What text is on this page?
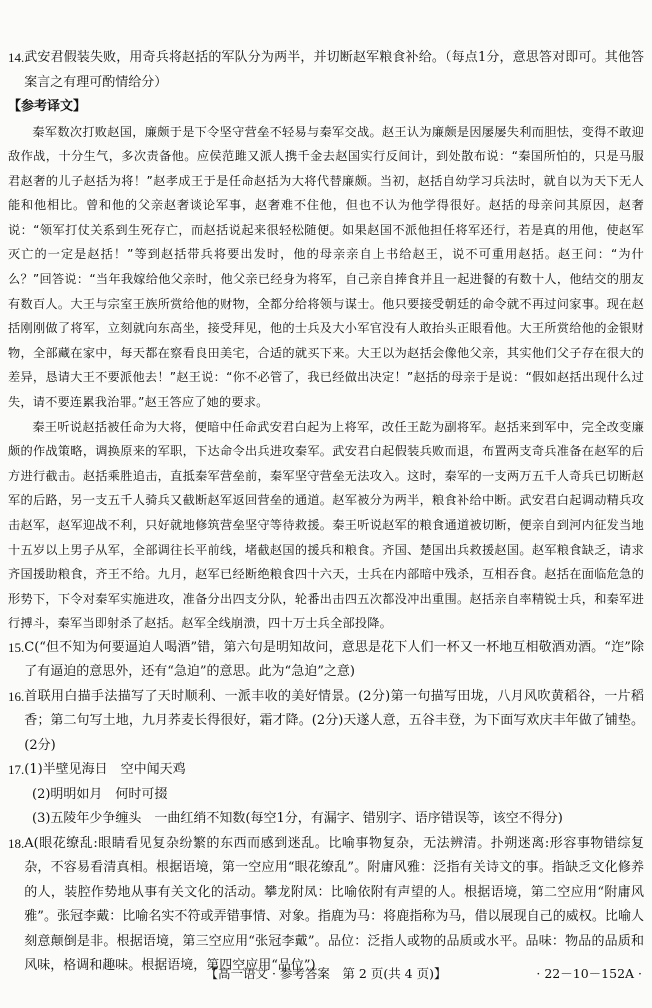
14. 武安君假装失败，用奇兵将赵括的军队分为两半，并切断赵军粮食补给。（每点1分，意思答对即可。其他答案言之有理可酌情给分）
【参考译文】
秦军数次打败赵国，廉颇于是下令坚守营垒不轻易与秦军交战。赵王认为廉颇是因屡屡失利而胆怯，变得不敢迎敌作战，十分生气，多次责备他。应侯范雎又派人携千金去赵国实行反间计，到处散布说：“秦国所怕的，只是马服君赵奢的儿子赵括为将！”赵孝成王于是任命赵括为大将代替廉颇。当初，赵括自幼学习兵法时，就自以为天下无人能和他相比。曾和他的父亲赵奢谈论军事，赵奢难不住他，但也不认为他学得很好。赵括的母亲问其原因，赵奢说：“领军打仗关系到生死存亡，而赵括说起来很轻松随便。如果赵国不派他担任将军还行，若是真的用他，使赵军灭亡的一定是赵括！”等到赵括带兵将要出发时，他的母亲亲自上书给赵王，说不可重用赵括。赵王问：“为什么？”回答说：“当年我嫁给他父亲时，他父亲已经身为将军，自己亲自捧食并且一起进餐的有数十人，他结交的朋友有数百人。大王与宗室王族所赏给他的财物，全都分给将领与谋士。他只要接受朝廷的命令就不再过问家事。现在赵括刚刚做了将军，立刻就向东高坐，接受拜见，他的士兵及大小军官没有人敢抬头正眼看他。大王所赏给他的金银财物，全部藏在家中，每天都在察看良田美宅，合适的就买下来。大王以为赵括会像他父亲，其实他们父子存在很大的差异，恳请大王不要派他去！”赵王说：“你不必管了，我已经做出决定！”赵括的母亲于是说：“假如赵括出现什么过失，请不要连累我治罪。”赵王答应了她的要求。
秦王听说赵括被任命为大将，便暗中任命武安君白起为上将军，改任王龁为副将军。赵括来到军中，完全改变廉颇的作战策略，调换原来的军职，下达命令出兵进攻秦军。武安君白起假装兵败而退，布置两支奇兵准备在赵军的后方进行截击。赵括乘胜追击，直抵秦军营垒前，秦军坚守营垒无法攻入。这时，秦军的一支两万五千人奇兵已切断赵军的后路，另一支五千人骑兵又截断赵军返回营垒的通道。赵军被分为两半，粮食补给中断。武安君白起调动精兵攻击赵军，赵军迎战不利，只好就地修筑营垒坚守等待救援。秦王听说赵军的粮食通道被切断，便亲自到河内征发当地十五岁以上男子从军，全部调往长平前线，堵截赵国的援兵和粮食。齐国、楚国出兵救援赵国。赵军粮食缺乏，请求齐国援助粮食，齐王不给。九月，赵军已经断绝粮食四十六天，士兵在内部暗中残杀，互相吞食。赵括在面临危急的形势下，下令对秦军实施进攻，准备分出四支分队，轮番出击四五次都没冲出重围。赵括亲自率精锐士兵，和秦军进行搏斗，秦军当即射杀了赵括。赵军全线崩溃，四十万士兵全部投降。
15. C(“但不知为何要逼迫人喝酒”错，第六句是明知故问，意思是花下人们一杯又一杯地互相敬酒劝酒。“迮”除了有逼迫的意思外，还有“急迫”的意思。此为“急迫”之意)
16. 首联用白描手法描写了天时顺利、一派丰收的美好情景。(2分)第一句描写田垅，八月风吹黄稻谷，一片稻香；第二句写土地，九月荞麦长得很好，霜才降。(2分)天遂人意，五谷丰登，为下面写欢庆丰年做了铺垫。(2分)
17. (1)半壁见海日　空中闻天鸡
(2)明明如月　何时可掇
(3)五陵年少争缠头　一曲红绡不知数(每空1分，有漏字、错别字、语序错误等，该空不得分)
18. A(眼花缭乱:眼睛看见复杂纷繁的东西而感到迷乱。比喻事物复杂，无法辨清。扑朔迷离:形容事物错综复杂，不容易看清真相。根据语境，第一空应用“眼花缭乱”。附庸风雅：泛指有关诗文的事。指缺乏文化修养的人，装腔作势地从事有关文化的活动。攀龙附凤：比喻依附有声望的人。根据语境，第二空应用“附庸风雅”。张冠李戴：比喻名实不符或弄错事情、对象。指鹿为马：将鹿指称为马，借以展现自己的威权。比喻人刻意颠倒是非。根据语境，第三空应用“张冠李戴”。品位：泛指人或物的品质或水平。品味：物品的品质和风味，格调和趣味。根据语境，第四空应用“品位”)
【高一语文 · 参考答案　第 2 页(共 4 页)】	· 22－10－152A ·
